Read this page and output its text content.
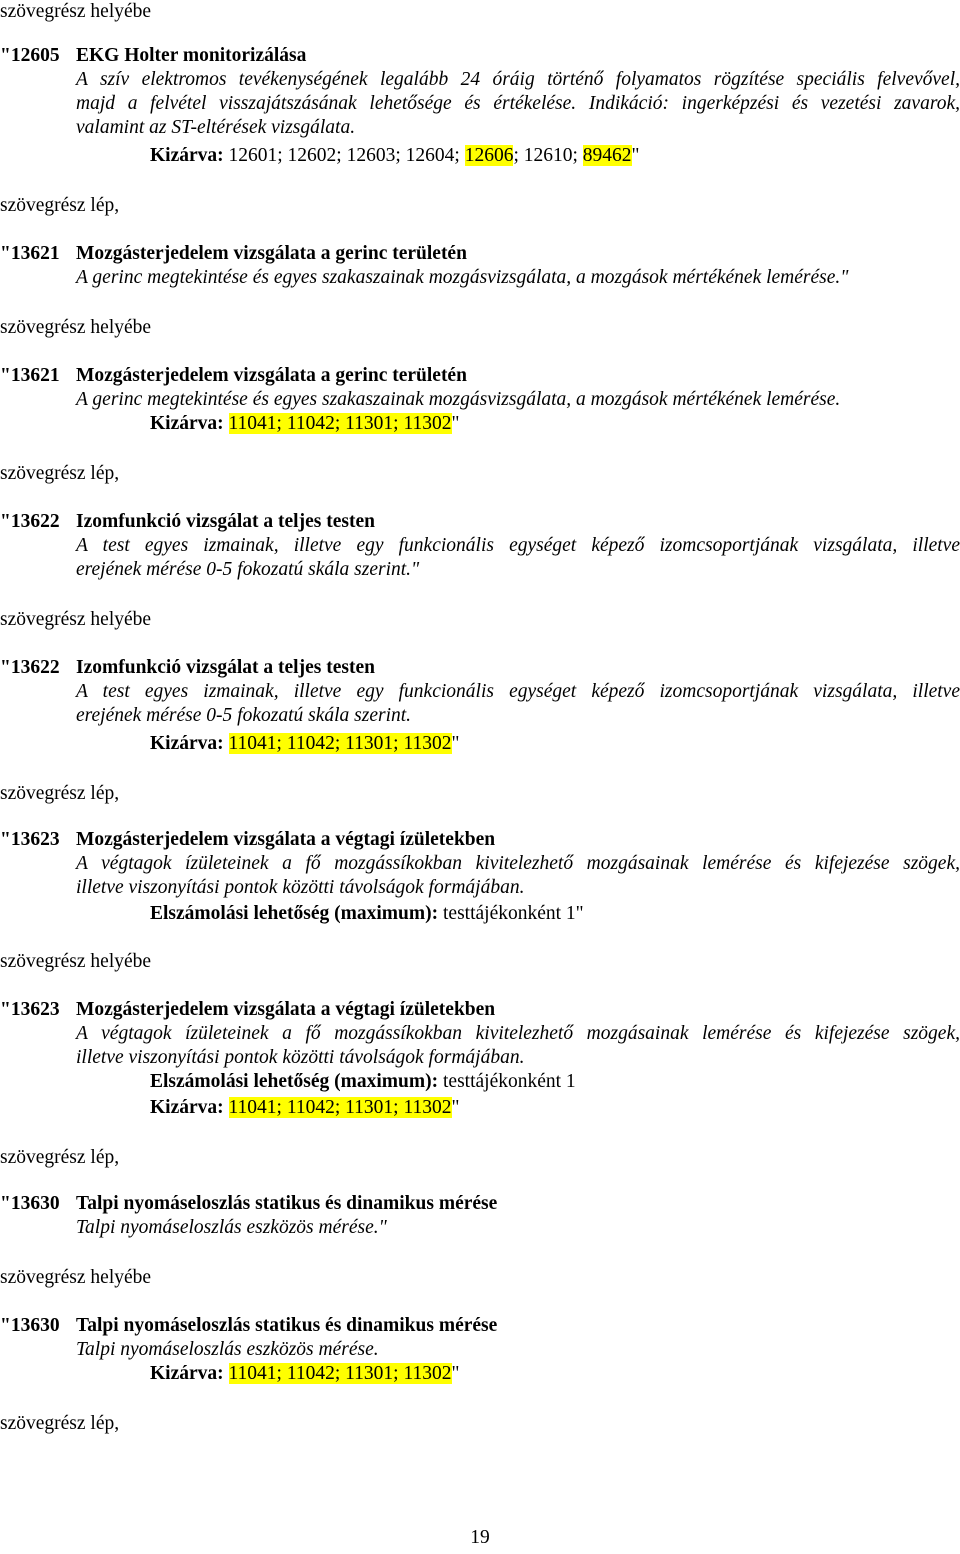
szövegrész helyébe
"12605 EKG Holter monitorizálása
A szív elektromos tevékenységének legalább 24 óráig történő folyamatos rögzítése speciális felvevővel,
majd a felvétel visszajátszásának lehetősége és értékelése. Indikáció: ingerképzési és vezetési zavarok,
valamint az ST-eltérések vizsgálata.
Kizárva: 12601; 12602; 12603; 12604; 12606; 12610; 89462"
szövegrész lép,
"13621 Mozgásterjedelem vizsgálata a gerinc területén
A gerinc megtekintése és egyes szakaszainak mozgásvizsgálata, a mozgások mértékének lemérése."
szövegrész helyébe
"13621 Mozgásterjedelem vizsgálata a gerinc területén
A gerinc megtekintése és egyes szakaszainak mozgásvizsgálata, a mozgások mértékének lemérése.
Kizárva: 11041; 11042; 11301; 11302"
szövegrész lép,
"13622 Izomfunkció vizsgálat a teljes testen
A test egyes izmainak, illetve egy funkcionális egységet képező izomcsoportjának vizsgálata, illetve
erejének mérése 0-5 fokozatú skála szerint."
szövegrész helyébe
"13622 Izomfunkció vizsgálat a teljes testen
A test egyes izmainak, illetve egy funkcionális egységet képező izomcsoportjának vizsgálata, illetve
erejének mérése 0-5 fokozatú skála szerint.
Kizárva: 11041; 11042; 11301; 11302"
szövegrész lép,
"13623 Mozgásterjedelem vizsgálata a végtagi ízületekben
A végtagok ízületeinek a fő mozgássíkokban kivitelezhető mozgásainak lemérése és kifejezése szögek,
illetve viszonyítási pontok közötti távolságok formájában.
Elszámolási lehetőség (maximum): testtájékonként 1"
szövegrész helyébe
"13623 Mozgásterjedelem vizsgálata a végtagi ízületekben
A végtagok ízületeinek a fő mozgássíkokban kivitelezhető mozgásainak lemérése és kifejezése szögek,
illetve viszonyítási pontok közötti távolságok formájában.
Elszámolási lehetőség (maximum): testtájékonként 1
Kizárva: 11041; 11042; 11301; 11302"
szövegrész lép,
"13630 Talpi nyomáseloszlás statikus és dinamikus mérése
Talpi nyomáseloszlás eszközös mérése."
szövegrész helyébe
"13630 Talpi nyomáseloszlás statikus és dinamikus mérése
Talpi nyomáseloszlás eszközös mérése.
Kizárva: 11041; 11042; 11301; 11302"
szövegrész lép,
19
